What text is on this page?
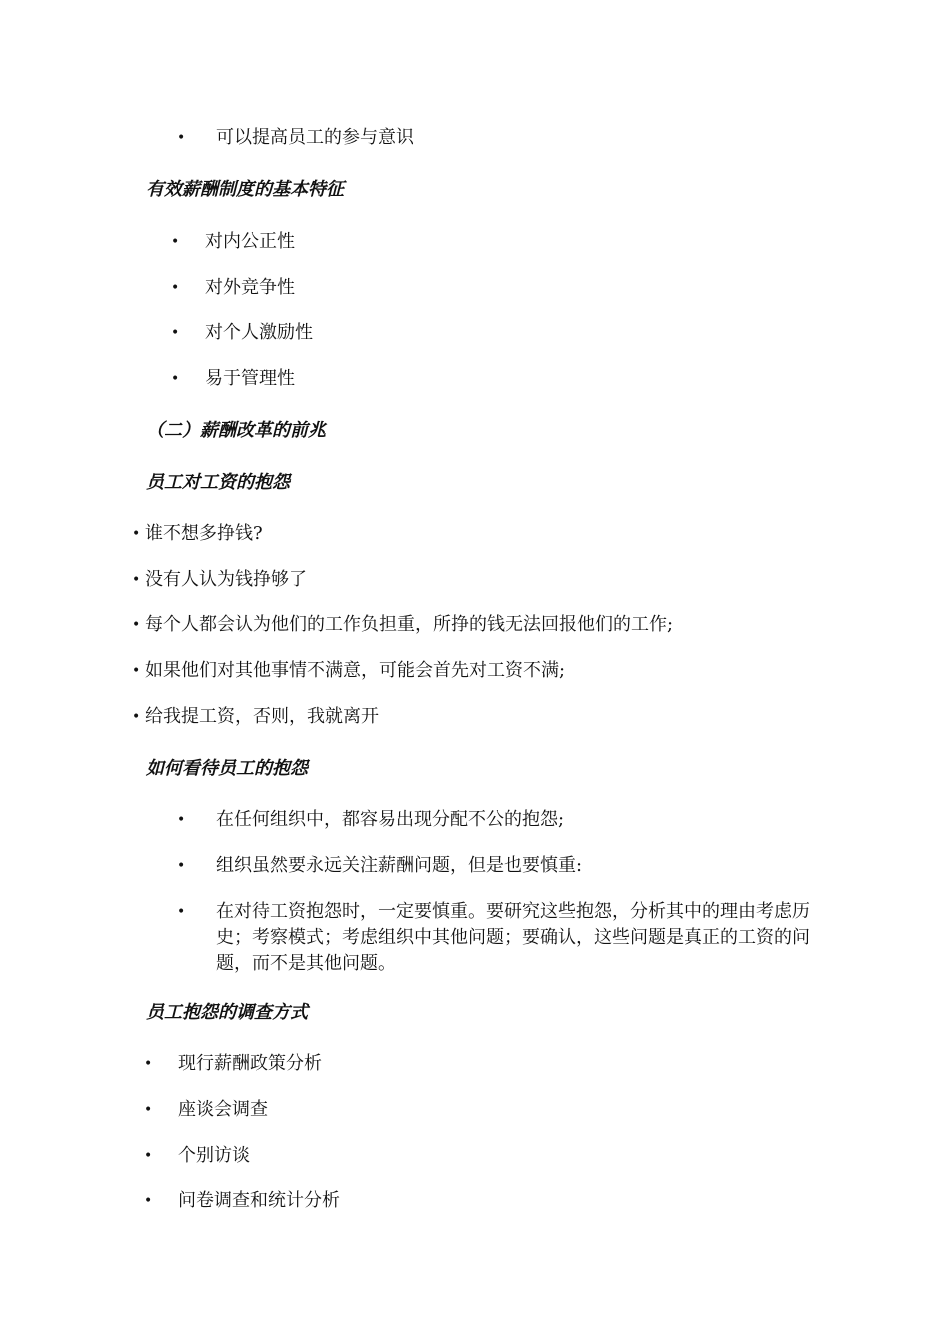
• 可以提高员工的参与意识
有效薪酬制度的基本特征
• 对内公正性
• 对外竞争性
• 对个人激励性
• 易于管理性
（二）薪酬改革的前兆
员工对工资的抱怨
• 谁不想多挣钱?
• 没有人认为钱挣够了
• 每个人都会认为他们的工作负担重，所挣的钱无法回报他们的工作;
• 如果他们对其他事情不满意，可能会首先对工资不满;
• 给我提工资，否则，我就离开
如何看待员工的抱怨
• 在任何组织中，都容易出现分配不公的抱怨;
• 组织虽然要永远关注薪酬问题，但是也要慎重:
• 在对待工资抱怨时，一定要慎重。要研究这些抱怨，分析其中的理由考虑历史；考察模式；考虑组织中其他问题；要确认，这些问题是真正的工资的问题，而不是其他问题。
员工抱怨的调查方式
• 现行薪酬政策分析
• 座谈会调查
• 个别访谈
• 问卷调查和统计分析
